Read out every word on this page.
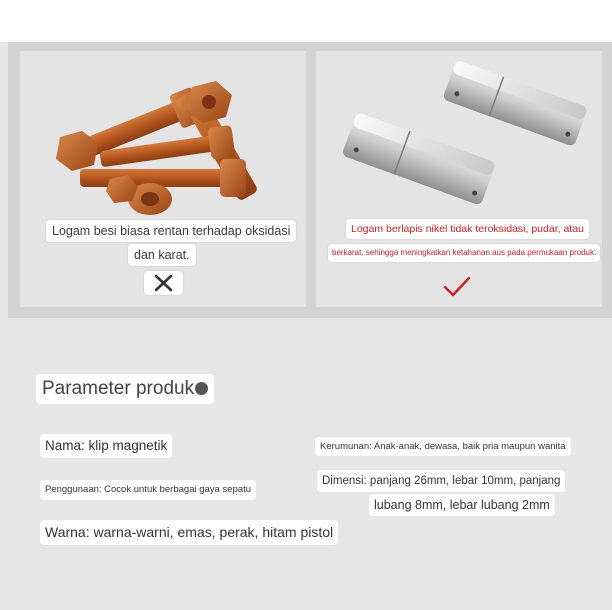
Logam besi biasa rentan terhadap oksidasi
dan karat.
Logam berlapis nikel tidak teroksidasi, pudar, atau
berkarat, sehingga meningkatkan ketahanan aus pada permukaan produk.
Parameter produk
Nama: klip magnetik	Kerumunan: Anak-anak, dewasa, baik pria maupun wanita
Penggunaan: Cocok untuk berbagai gaya sepatu
Dimensi: panjang 26mm, lebar 10mm, panjang
lubang 8mm, lebar lubang 2mm
Warna: warna-warni, emas, perak, hitam pistol
